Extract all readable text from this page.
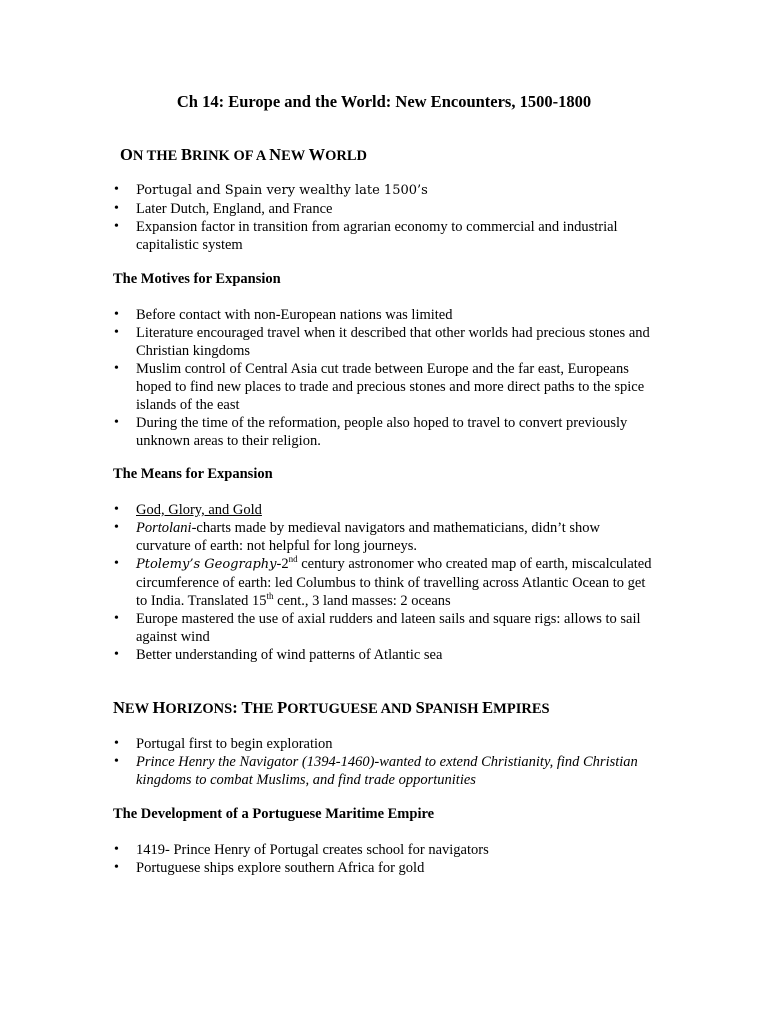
Ch 14: Europe and the World: New Encounters, 1500-1800
ON THE BRINK OF A NEW WORLD
• Portugal and Spain very wealthy late 1500’s
• Later Dutch, England, and France
• Expansion factor in transition from agrarian economy to commercial and industrial capitalistic system
The Motives for Expansion
• Before contact with non-European nations was limited
• Literature encouraged travel when it described that other worlds had precious stones and Christian kingdoms
• Muslim control of Central Asia cut trade between Europe and the far east, Europeans hoped to find new places to trade and precious stones and more direct paths to the spice islands of the east
• During the time of the reformation, people also hoped to travel to convert previously unknown areas to their religion.
The Means for Expansion
• God, Glory, and Gold
• Portolani-charts made by medieval navigators and mathematicians, didn’t show curvature of earth: not helpful for long journeys.
• Ptolemy’s Geography-2nd century astronomer who created map of earth, miscalculated circumference of earth: led Columbus to think of travelling across Atlantic Ocean to get to India. Translated 15th cent., 3 land masses: 2 oceans
• Europe mastered the use of axial rudders and lateen sails and square rigs: allows to sail against wind
• Better understanding of wind patterns of Atlantic sea
NEW HORIZONS: THE PORTUGUESE AND SPANISH EMPIRES
• Portugal first to begin exploration
• Prince Henry the Navigator (1394-1460)-wanted to extend Christianity, find Christian kingdoms to combat Muslims, and find trade opportunities
The Development of a Portuguese Maritime Empire
• 1419- Prince Henry of Portugal creates school for navigators
• Portuguese ships explore southern Africa for gold
